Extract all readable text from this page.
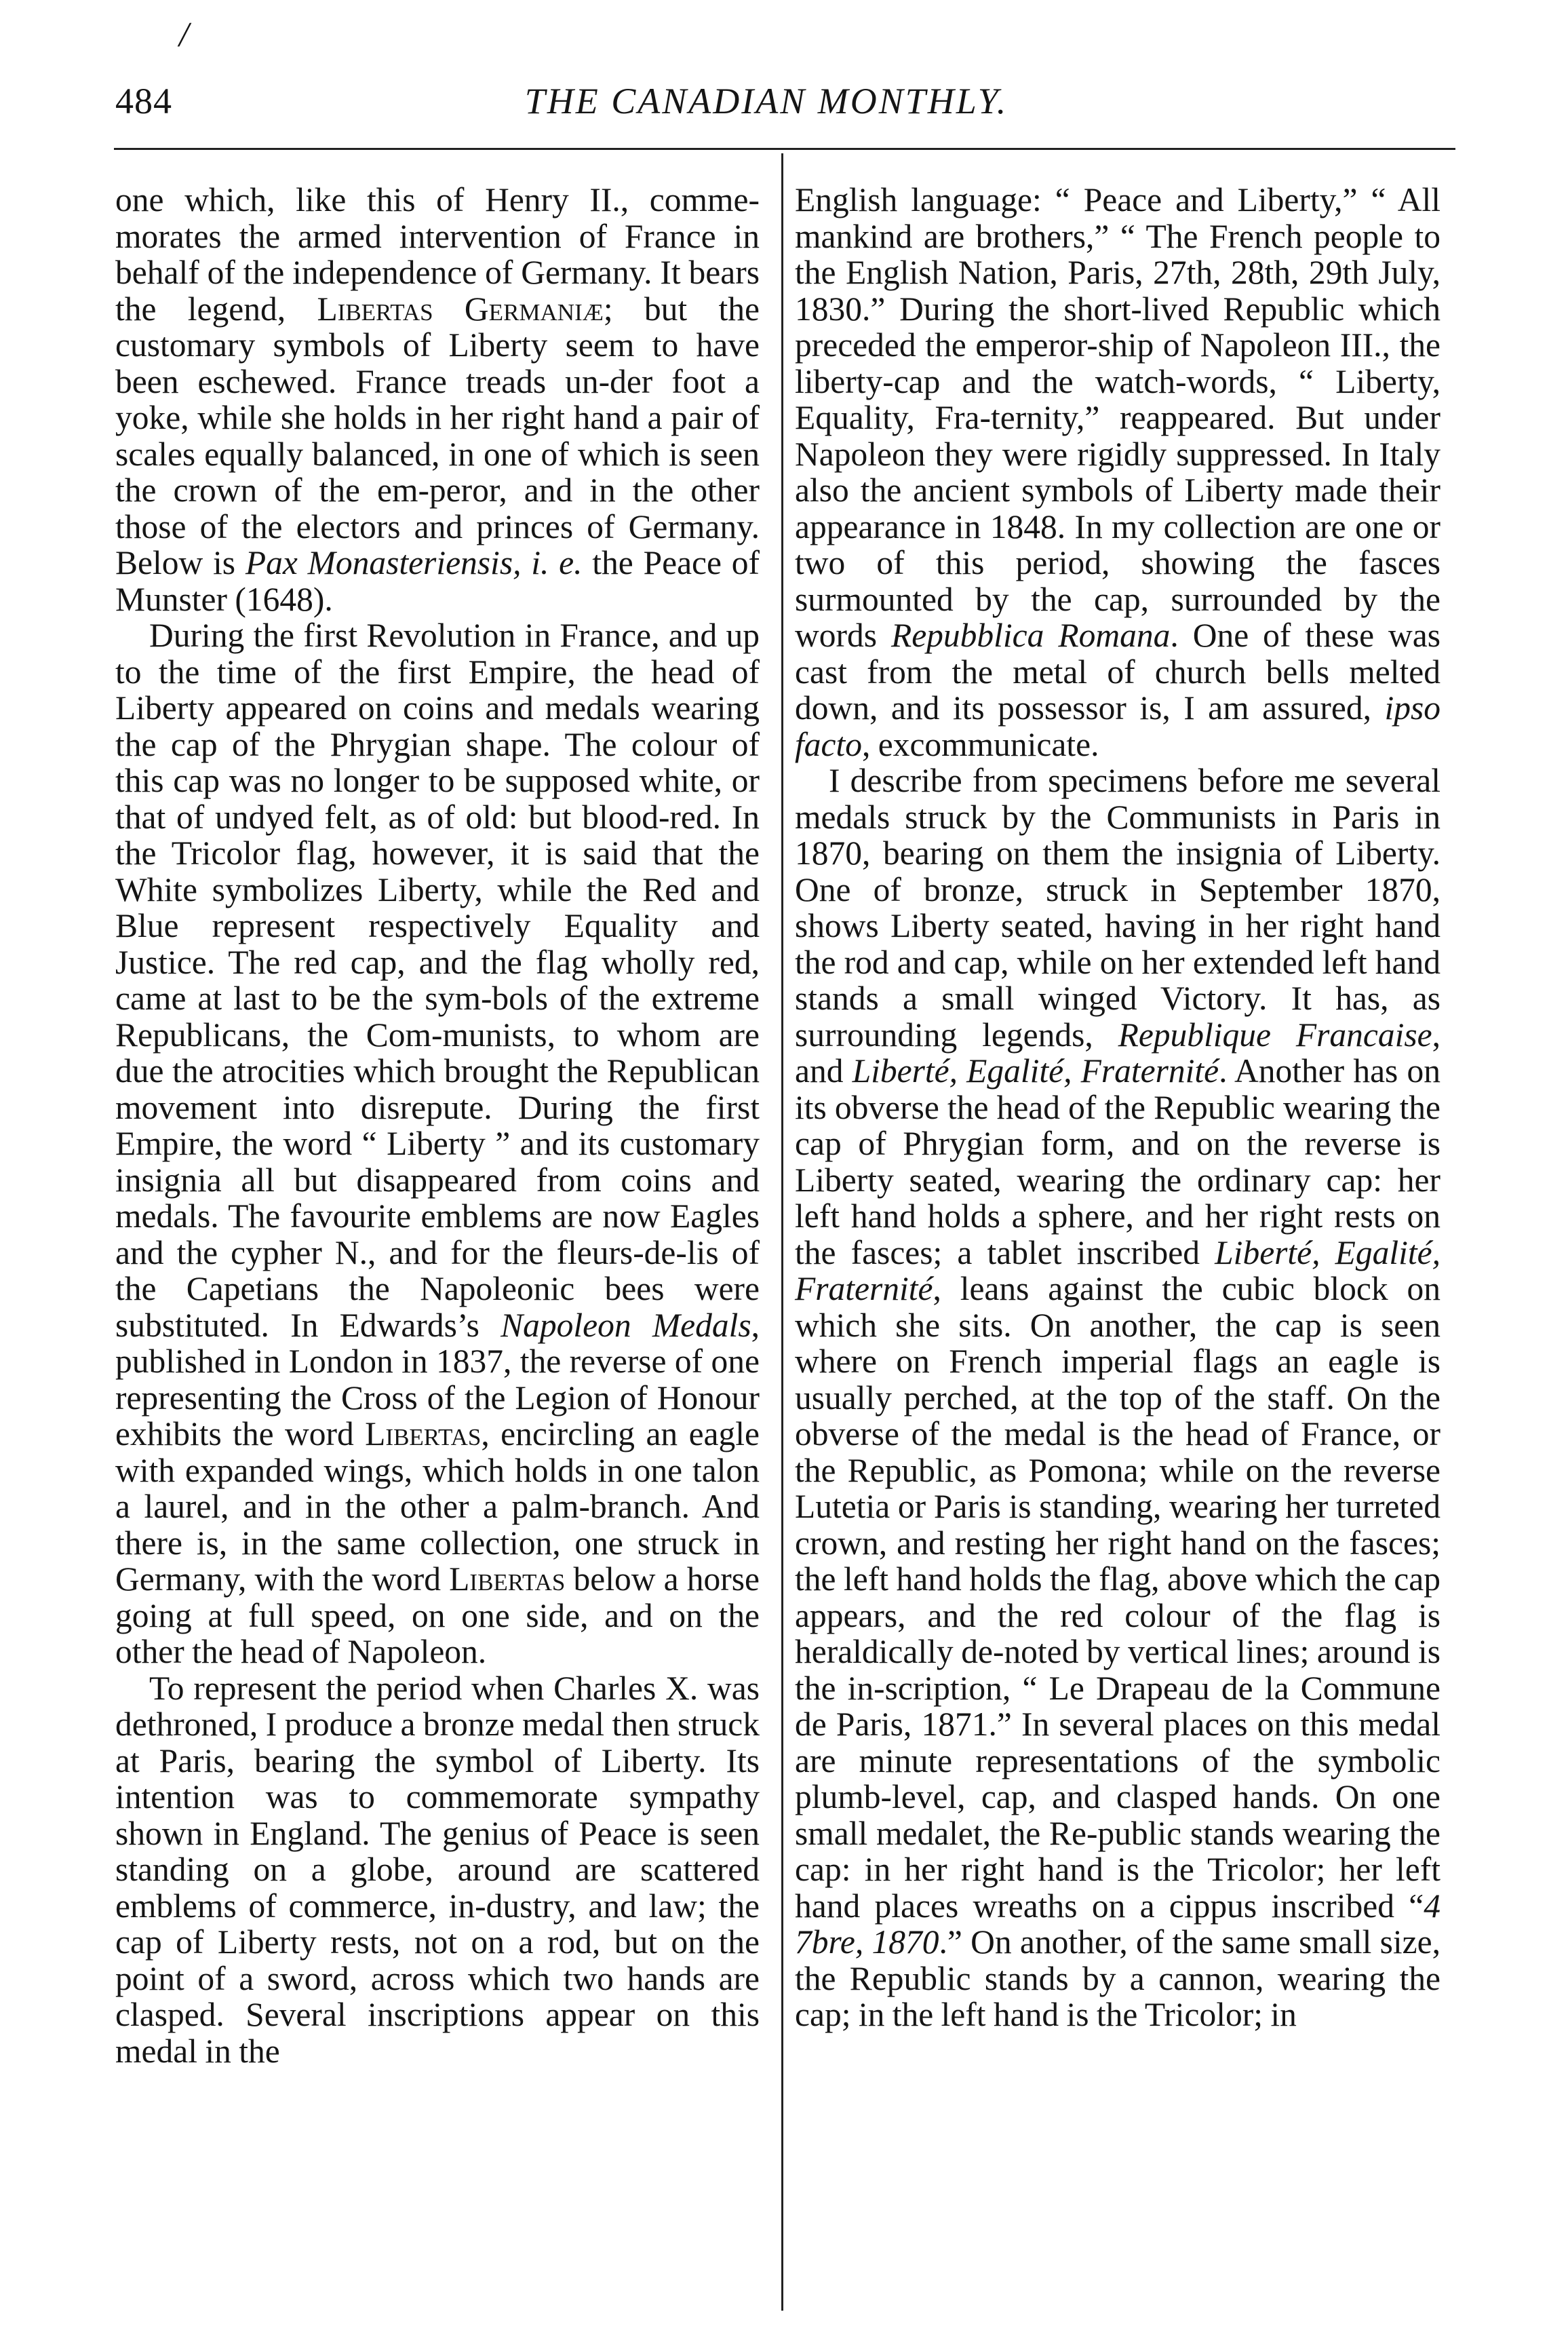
/
484	THE CANADIAN MONTHLY.

one which, like this of Henry II., comme-morates the armed intervention of France in behalf of the independence of Germany. It bears the legend, Libertas Germaniæ; but the customary symbols of Liberty seem to have been eschewed. France treads un-der foot a yoke, while she holds in her right hand a pair of scales equally balanced, in one of which is seen the crown of the em-peror, and in the other those of the electors and princes of Germany. Below is Pax Monasteriensis, i. e. the Peace of Munster (1648).

During the first Revolution in France, and up to the time of the first Empire, the head of Liberty appeared on coins and medals wearing the cap of the Phrygian shape. The colour of this cap was no longer to be supposed white, or that of undyed felt, as of old: but blood-red. In the Tricolor flag, however, it is said that the White symbolizes Liberty, while the Red and Blue represent respectively Equality and Justice. The red cap, and the flag wholly red, came at last to be the sym-bols of the extreme Republicans, the Com-munists, to whom are due the atrocities which brought the Republican movement into disrepute. During the first Empire, the word “ Liberty ” and its customary insignia all but disappeared from coins and medals. The favourite emblems are now Eagles and the cypher N., and for the fleurs-de-lis of the Capetians the Napoleonic bees were substituted. In Edwards’s Napoleon Medals, published in London in 1837, the reverse of one representing the Cross of the Legion of Honour exhibits the word Libertas, encircling an eagle with expanded wings, which holds in one talon a laurel, and in the other a palm-branch. And there is, in the same collection, one struck in Germany, with the word Libertas below a horse going at full speed, on one side, and on the other the head of Napoleon.

To represent the period when Charles X. was dethroned, I produce a bronze medal then struck at Paris, bearing the symbol of Liberty. Its intention was to commemorate sympathy shown in England. The genius of Peace is seen standing on a globe, around are scattered emblems of commerce, in-dustry, and law; the cap of Liberty rests, not on a rod, but on the point of a sword, across which two hands are clasped. Several inscriptions appear on this medal in the

English language: “ Peace and Liberty,” “ All mankind are brothers,” “ The French people to the English Nation, Paris, 27th, 28th, 29th July, 1830.” During the short-lived Republic which preceded the emperor-ship of Napoleon III., the liberty-cap and the watch-words, “ Liberty, Equality, Fra-ternity,” reappeared. But under Napoleon they were rigidly suppressed. In Italy also the ancient symbols of Liberty made their appearance in 1848. In my collection are one or two of this period, showing the fasces surmounted by the cap, surrounded by the words Repubblica Romana. One of these was cast from the metal of church bells melted down, and its possessor is, I am assured, ipso facto, excommunicate.

I describe from specimens before me several medals struck by the Communists in Paris in 1870, bearing on them the insignia of Liberty. One of bronze, struck in September 1870, shows Liberty seated, having in her right hand the rod and cap, while on her extended left hand stands a small winged Victory. It has, as surrounding legends, Republique Francaise, and Liberté, Egalité, Fraternité. Another has on its obverse the head of the Republic wearing the cap of Phrygian form, and on the reverse is Liberty seated, wearing the ordinary cap: her left hand holds a sphere, and her right rests on the fasces; a tablet inscribed Liberté, Egalité, Fraternité, leans against the cubic block on which she sits. On another, the cap is seen where on French imperial flags an eagle is usually perched, at the top of the staff. On the obverse of the medal is the head of France, or the Republic, as Pomona; while on the reverse Lutetia or Paris is standing, wearing her turreted crown, and resting her right hand on the fasces; the left hand holds the flag, above which the cap appears, and the red colour of the flag is heraldically de-noted by vertical lines; around is the in-scription, “ Le Drapeau de la Commune de Paris, 1871.” In several places on this medal are minute representations of the symbolic plumb-level, cap, and clasped hands. On one small medalet, the Re-public stands wearing the cap: in her right hand is the Tricolor; her left hand places wreaths on a cippus inscribed “4 7bre, 1870.” On another, of the same small size, the Republic stands by a cannon, wearing the cap; in the left hand is the Tricolor; in
